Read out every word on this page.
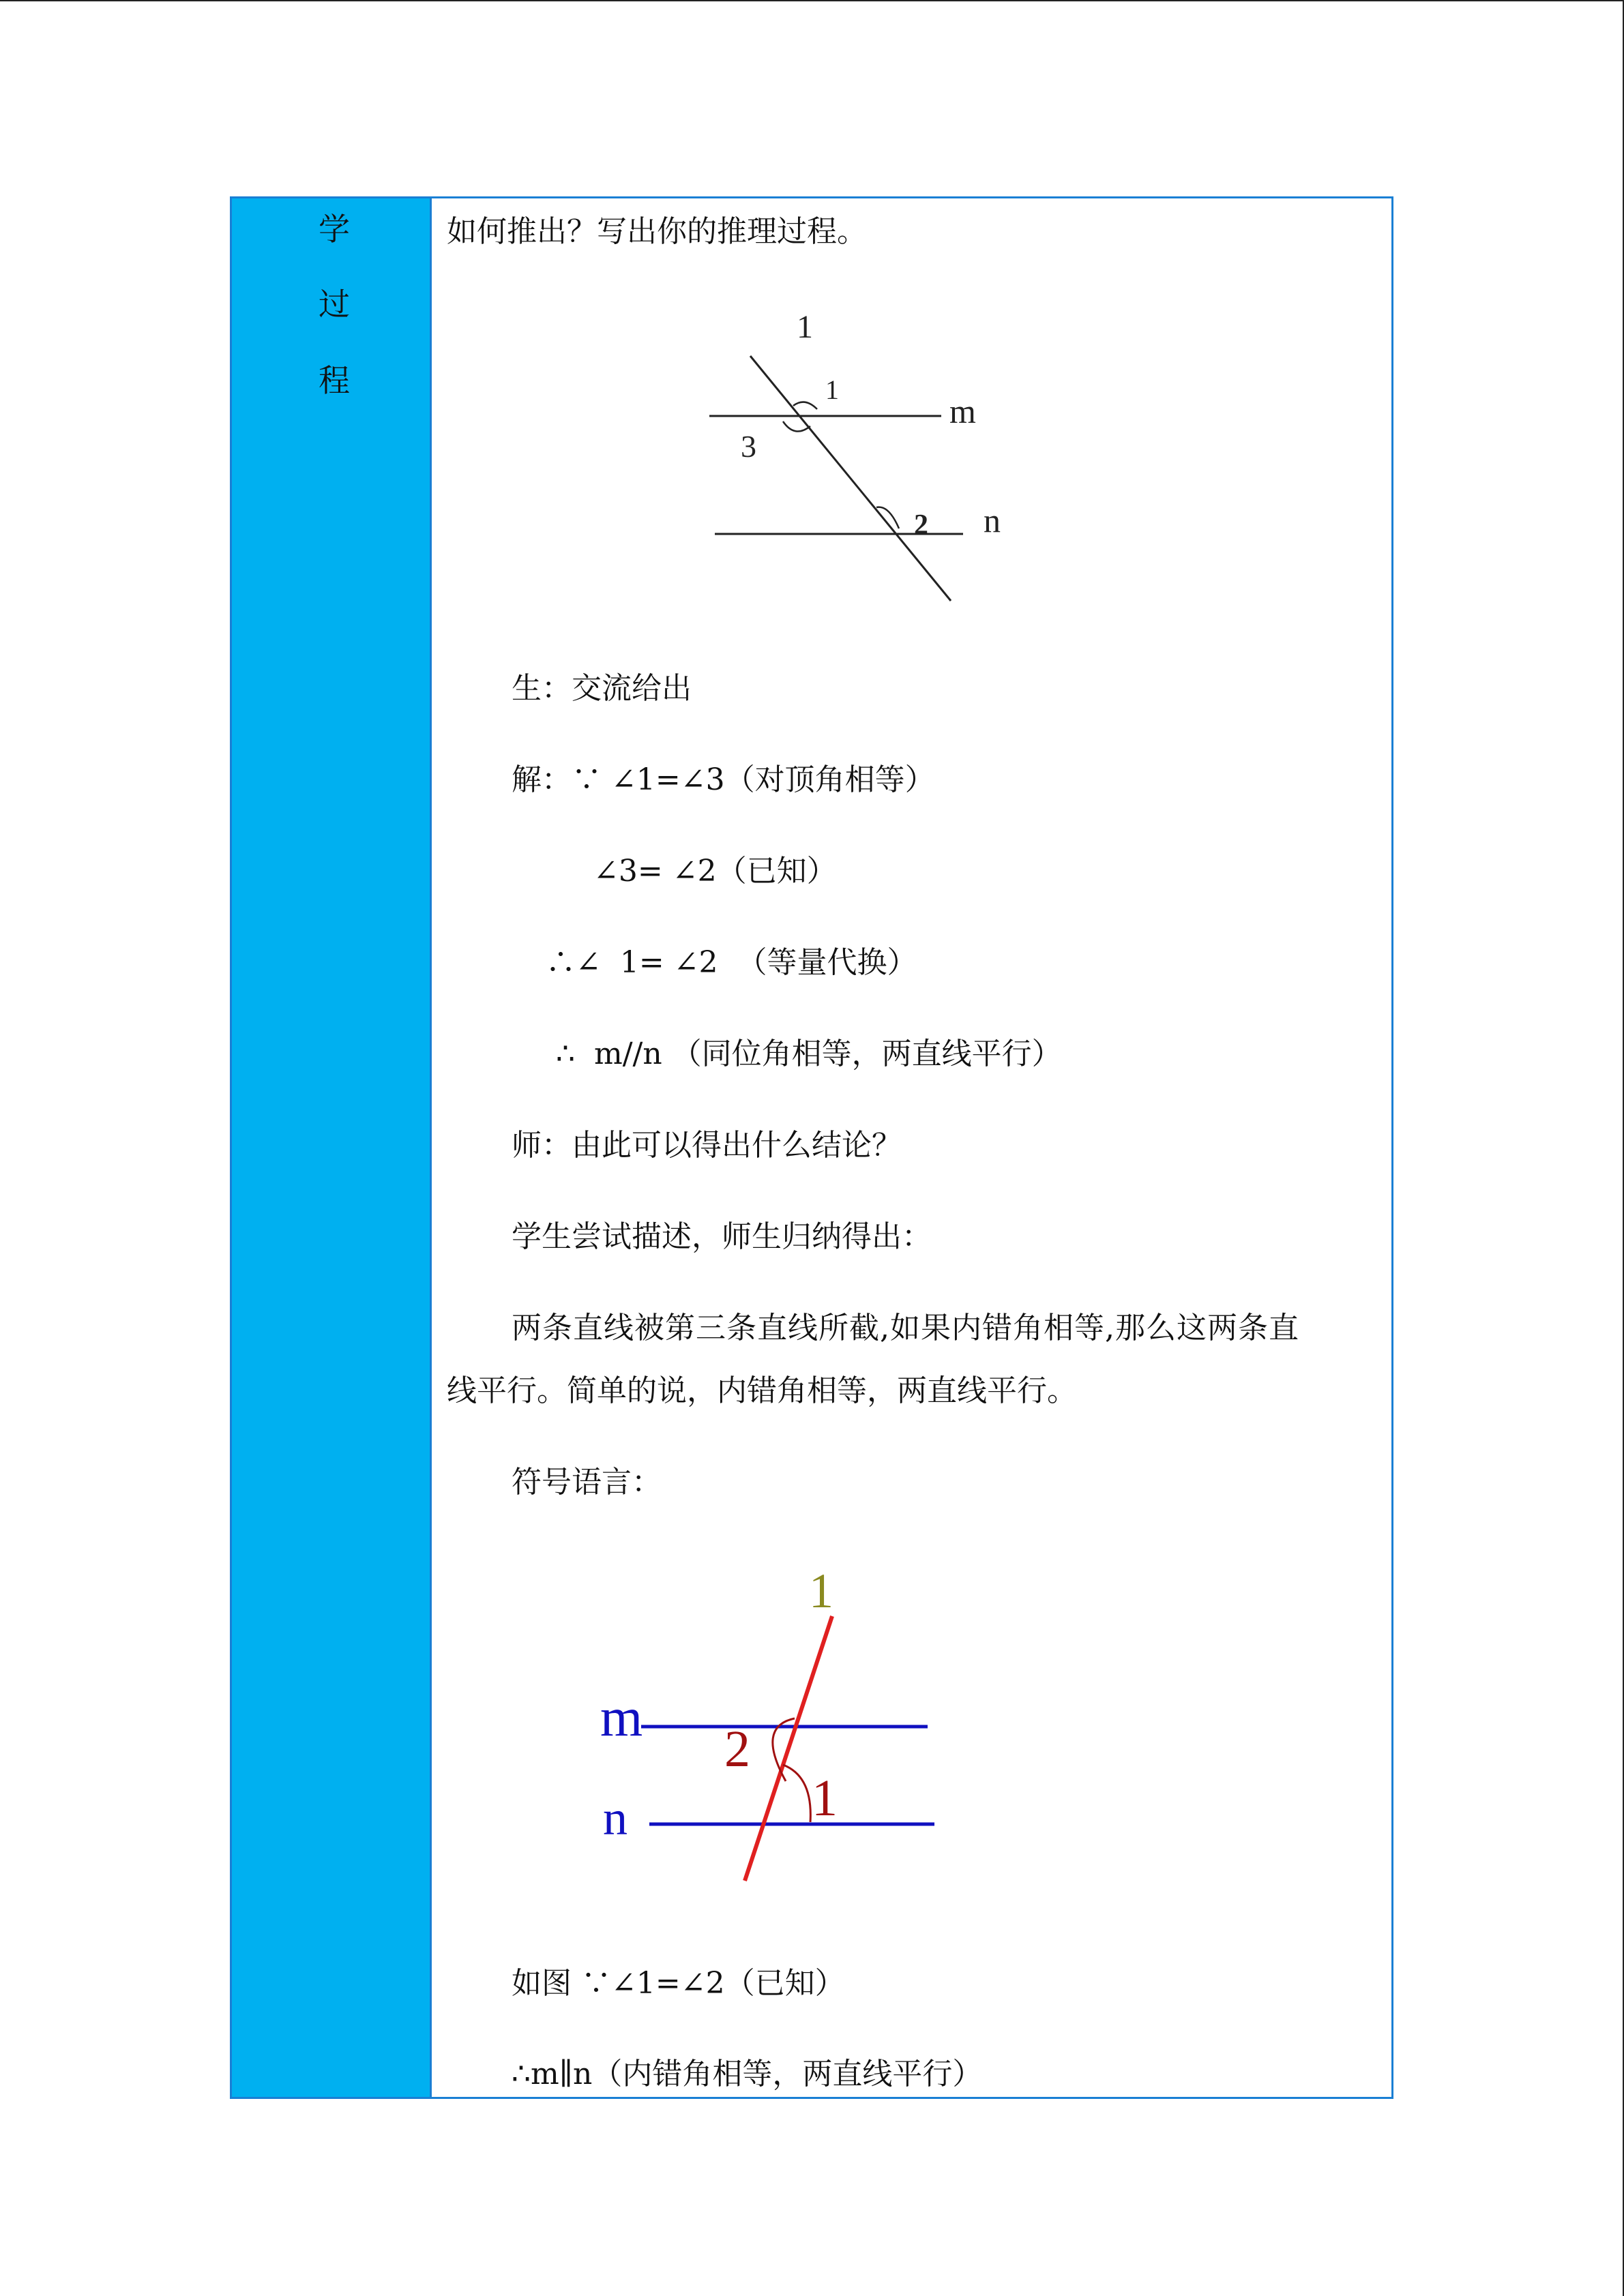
学
过
程
如何推出？写出你的推理过程。
1
1
3
2
m
n
生：交流给出
解：∵ ∠1=∠3（对顶角相等）
∠3= ∠2（已知）
∴∠  1= ∠2  （等量代换）
∴  m//n （同位角相等，两直线平行）
师：由此可以得出什么结论？
学生尝试描述，师生归纳得出：
两条直线被第三条直线所截,如果内错角相等,那么这两条直
线平行。简单的说，内错角相等，两直线平行。
符号语言：
1
m
n
2
1
如图 ∵∠1=∠2（已知）
∴m∥n（内错角相等，两直线平行）
